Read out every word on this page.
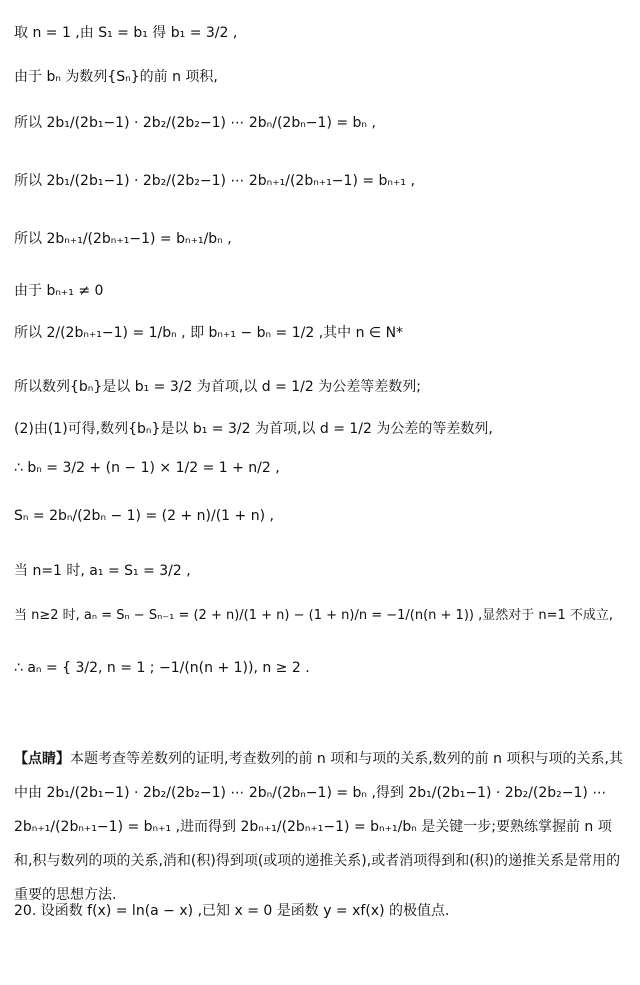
取 n = 1 ,由 S₁ = b₁ 得 b₁ = 3/2 ,
由于 bₙ 为数列{Sₙ}的前 n 项积,
所以 2b₁/(2b₁−1) · 2b₂/(2b₂−1) ⋯ 2bₙ/(2bₙ−1) = bₙ ,
所以 2b₁/(2b₁−1) · 2b₂/(2b₂−1) ⋯ 2bₙ₊₁/(2bₙ₊₁−1) = bₙ₊₁ ,
所以 2bₙ₊₁/(2bₙ₊₁−1) = bₙ₊₁/bₙ ,
由于 bₙ₊₁ ≠ 0
所以 2/(2bₙ₊₁−1) = 1/bₙ , 即 bₙ₊₁ − bₙ = 1/2 ,其中 n ∈ N*
所以数列{bₙ}是以 b₁ = 3/2 为首项,以 d = 1/2 为公差等差数列;
(2)由(1)可得,数列{bₙ}是以 b₁ = 3/2 为首项,以 d = 1/2 为公差的等差数列,
∴ bₙ = 3/2 + (n − 1) × 1/2 = 1 + n/2 ,
Sₙ = 2bₙ/(2bₙ − 1) = (2 + n)/(1 + n) ,
当 n=1 时, a₁ = S₁ = 3/2 ,
当 n≥2 时, aₙ = Sₙ − Sₙ₋₁ = (2 + n)/(1 + n) − (1 + n)/n = −1/(n(n + 1)) ,显然对于 n=1 不成立,
∴ aₙ = { 3/2, n = 1 ; −1/(n(n + 1)), n ≥ 2 .
【点睛】本题考查等差数列的证明,考查数列的前 n 项和与项的关系,数列的前 n 项积与项的关系,其中由 2b₁/(2b₁−1) · 2b₂/(2b₂−1) ⋯ 2bₙ/(2bₙ−1) = bₙ ,得到 2b₁/(2b₁−1) · 2b₂/(2b₂−1) ⋯ 2bₙ₊₁/(2bₙ₊₁−1) = bₙ₊₁ ,进而得到 2bₙ₊₁/(2bₙ₊₁−1) = bₙ₊₁/bₙ 是关键一步;要熟练掌握前 n 项和,积与数列的项的关系,消和(积)得到项(或项的递推关系),或者消项得到和(积)的递推关系是常用的重要的思想方法.
20. 设函数 f(x) = ln(a − x) ,已知 x = 0 是函数 y = xf(x) 的极值点.
